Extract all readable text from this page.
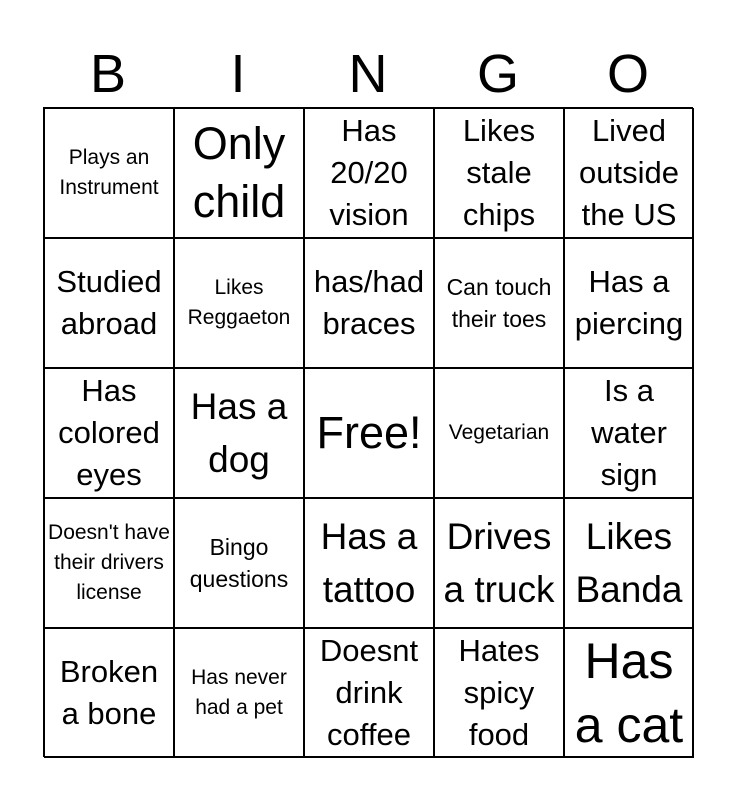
B	I	N	G	O
Plays an Instrument
Only child
Has 20/20 vision
Likes stale chips
Lived outside the US
Studied abroad
Likes Reggaeton
has/had braces
Can touch their toes
Has a piercing
Has colored eyes
Has a dog
Free! Vegetarian
Is a water sign
Doesn't have their drivers license
Bingo questions
Has a tattoo
Drives a truck
Likes Banda
Broken a bone
Has never had a pet
Doesnt drink coffee
Hates spicy food
Has a cat
